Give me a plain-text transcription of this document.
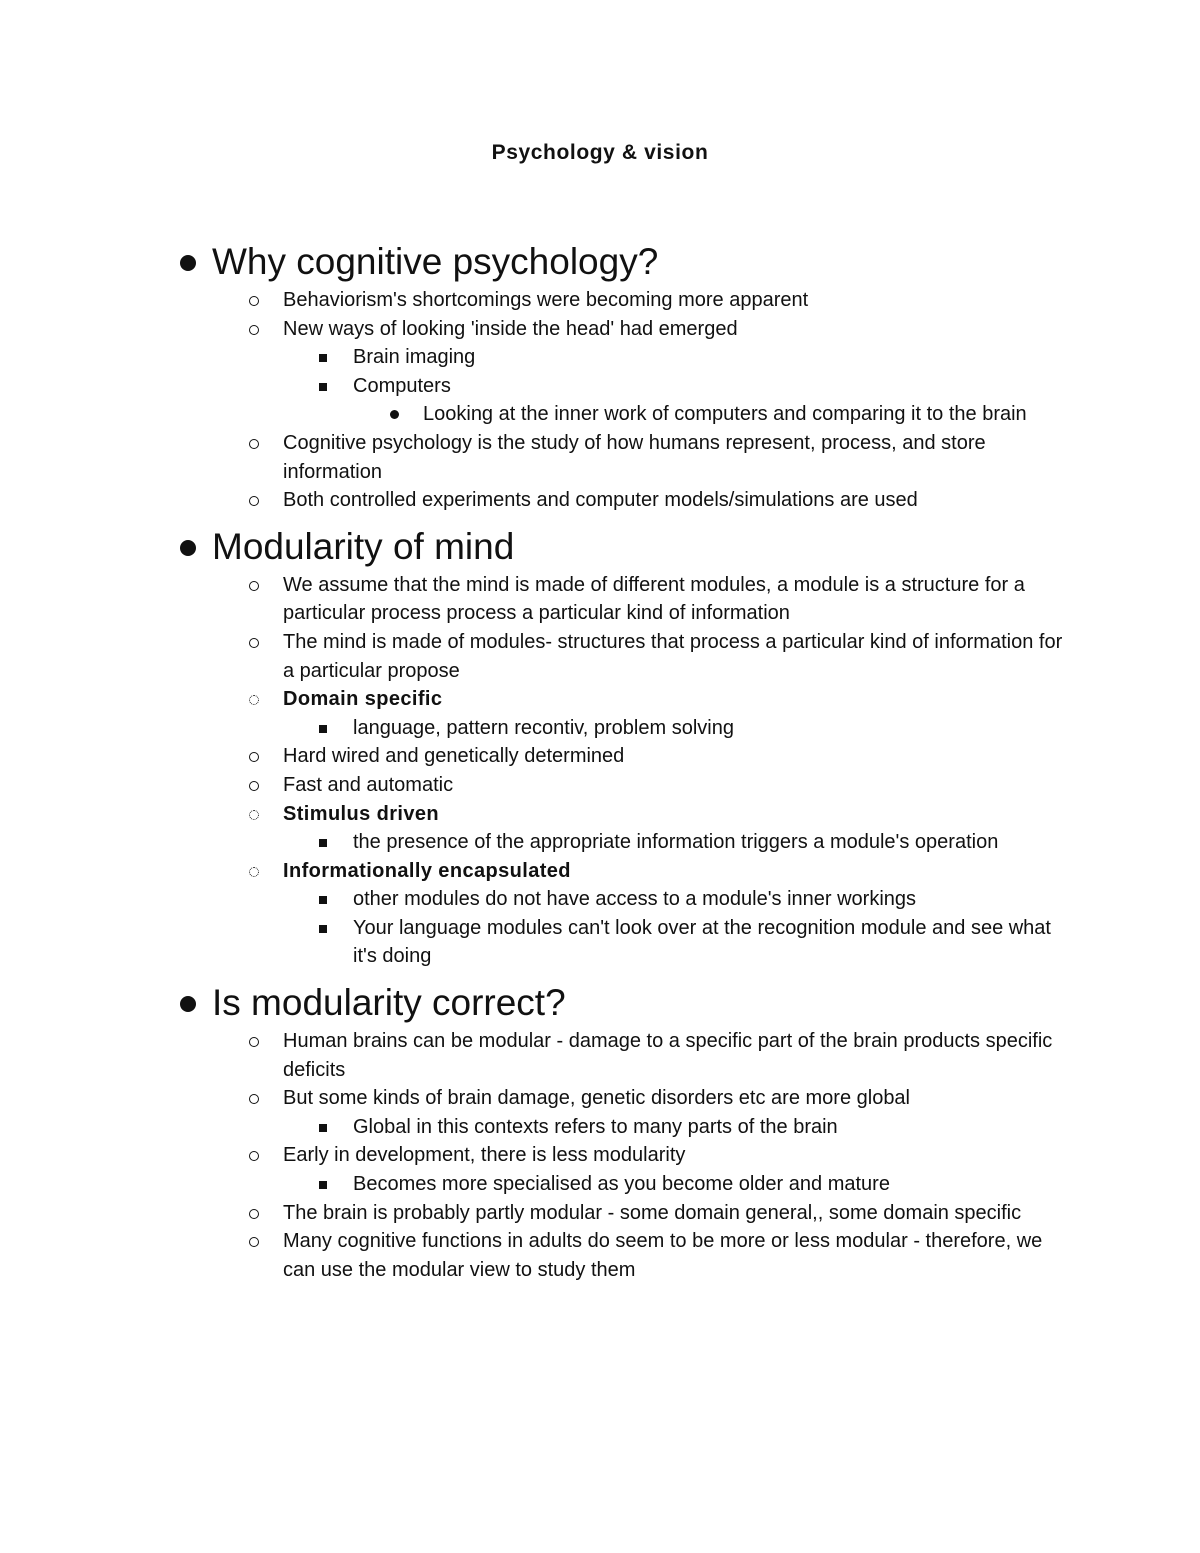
Psychology & vision
Why cognitive psychology?
Behaviorism's shortcomings were becoming more apparent
New ways of looking 'inside the head' had emerged
Brain imaging
Computers
Looking at the inner work of computers and comparing it to the brain
Cognitive psychology is the study of how humans represent, process, and store information
Both controlled experiments and computer models/simulations are used
Modularity of mind
We assume that the mind is made of different modules, a module is a structure for a particular process process a particular kind of information
The mind is made of modules- structures that process a particular kind of information for a particular propose
Domain specific
language, pattern recontiv, problem solving
Hard wired and genetically determined
Fast and automatic
Stimulus driven
the presence of the appropriate information triggers a module's operation
Informationally encapsulated
other modules do not have access to a module's inner workings
Your language modules can't look over at the recognition module and see what it's doing
Is modularity correct?
Human brains can be modular - damage to a specific part of the brain products specific deficits
But some kinds of brain damage, genetic disorders etc are more global
Global in this contexts refers to many parts of the brain
Early in development, there is less modularity
Becomes more specialised as you become older and mature
The brain is probably partly modular - some domain general,, some domain specific
Many cognitive functions in adults do seem to be more or less modular - therefore, we can use the modular view to study them
